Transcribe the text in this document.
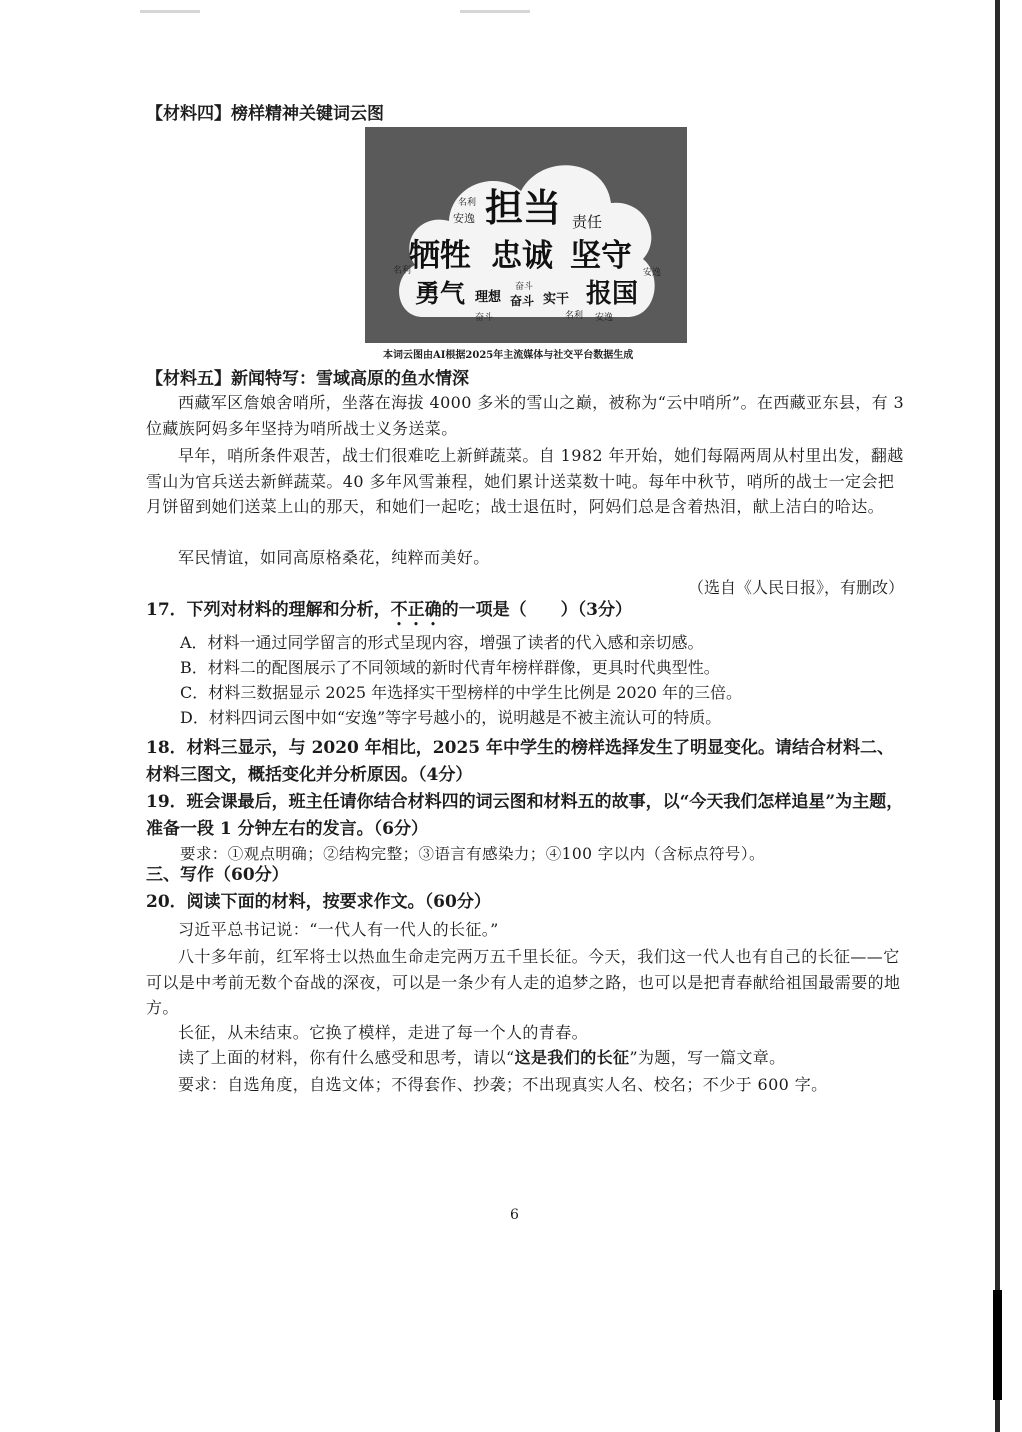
【材料四】榜样精神关键词云图
名利
安逸 担当 责任
牺牲 忠诚 坚守
名利	安逸
勇气 理想
奋斗
奋斗 实干 报国
奋斗	名利 安逸
本词云图由AI根据2025年主流媒体与社交平台数据生成
【材料五】新闻特写：雪域高原的鱼水情深
西藏军区詹娘舍哨所，坐落在海拔 4000 多米的雪山之巅，被称为“云中哨所”。在西藏亚东县，有 3 位藏族阿妈多年坚持为哨所战士义务送菜。
早年，哨所条件艰苦，战士们很难吃上新鲜蔬菜。自 1982 年开始，她们每隔两周从村里出发，翻越雪山为官兵送去新鲜蔬菜。40 多年风雪兼程，她们累计送菜数十吨。每年中秋节，哨所的战士一定会把月饼留到她们送菜上山的那天，和她们一起吃；战士退伍时，阿妈们总是含着热泪，献上洁白的哈达。
军民情谊，如同高原格桑花，纯粹而美好。
（选自《人民日报》，有删改）
17．下列对材料的理解和分析，不正确的一项是（　　）（3分）
A．材料一通过同学留言的形式呈现内容，增强了读者的代入感和亲切感。
B．材料二的配图展示了不同领域的新时代青年榜样群像，更具时代典型性。
C．材料三数据显示 2025 年选择实干型榜样的中学生比例是 2020 年的三倍。
D．材料四词云图中如“安逸”等字号越小的，说明越是不被主流认可的特质。
18．材料三显示，与 2020 年相比，2025 年中学生的榜样选择发生了明显变化。请结合材料二、材料三图文，概括变化并分析原因。（4分）
19．班会课最后，班主任请你结合材料四的词云图和材料五的故事，以“今天我们怎样追星”为主题，准备一段 1 分钟左右的发言。（6分）
要求：①观点明确；②结构完整；③语言有感染力；④100 字以内（含标点符号）。
三、写作（60分）
20．阅读下面的材料，按要求作文。（60分）
习近平总书记说：“一代人有一代人的长征。”
八十多年前，红军将士以热血生命走完两万五千里长征。今天，我们这一代人也有自己的长征——它可以是中考前无数个奋战的深夜，可以是一条少有人走的追梦之路，也可以是把青春献给祖国最需要的地方。
长征，从未结束。它换了模样，走进了每一个人的青春。
读了上面的材料，你有什么感受和思考，请以“这是我们的长征”为题，写一篇文章。
要求：自选角度，自选文体；不得套作、抄袭；不出现真实人名、校名；不少于 600 字。
6
